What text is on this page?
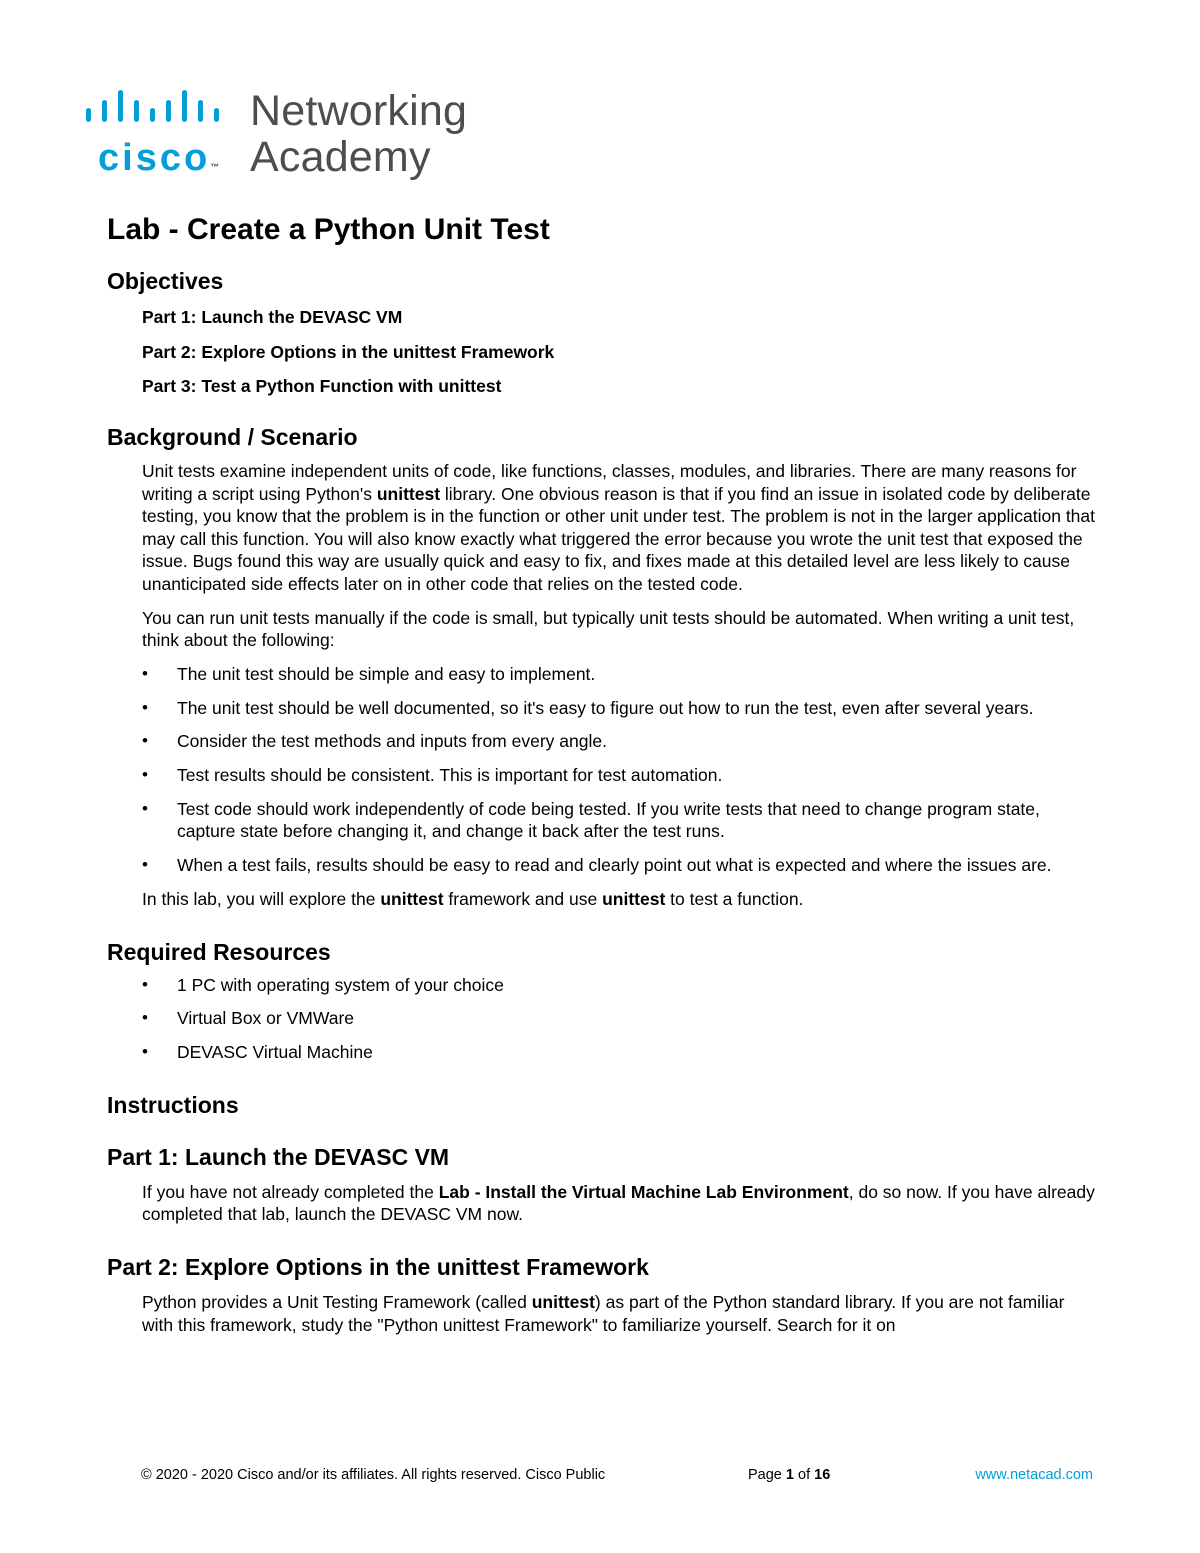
cisco™
Networking
Academy
Lab - Create a Python Unit Test
Objectives

Part 1: Launch the DEVASC VM

Part 2: Explore Options in the unittest Framework

Part 3: Test a Python Function with unittest

Background / Scenario

Unit tests examine independent units of code, like functions, classes, modules, and libraries. There are many reasons for writing a script using Python's unittest library. One obvious reason is that if you find an issue in isolated code by deliberate testing, you know that the problem is in the function or other unit under test. The problem is not in the larger application that may call this function. You will also know exactly what triggered the error because you wrote the unit test that exposed the issue. Bugs found this way are usually quick and easy to fix, and fixes made at this detailed level are less likely to cause unanticipated side effects later on in other code that relies on the tested code.

You can run unit tests manually if the code is small, but typically unit tests should be automated. When writing a unit test, think about the following:

• The unit test should be simple and easy to implement.
• The unit test should be well documented, so it's easy to figure out how to run the test, even after several years.
• Consider the test methods and inputs from every angle.
• Test results should be consistent. This is important for test automation.
• Test code should work independently of code being tested. If you write tests that need to change program state, capture state before changing it, and change it back after the test runs.
• When a test fails, results should be easy to read and clearly point out what is expected and where the issues are.

In this lab, you will explore the unittest framework and use unittest to test a function.

Required Resources
• 1 PC with operating system of your choice
• Virtual Box or VMWare
• DEVASC Virtual Machine
Instructions
Part 1: Launch the DEVASC VM

If you have not already completed the Lab - Install the Virtual Machine Lab Environment, do so now. If you have already completed that lab, launch the DEVASC VM now.

Part 2: Explore Options in the unittest Framework

Python provides a Unit Testing Framework (called unittest) as part of the Python standard library. If you are not familiar with this framework, study the "Python unittest Framework" to familiarize yourself. Search for it on

© 2020 - 2020 Cisco and/or its affiliates. All rights reserved. Cisco Public	Page 1 of 16	www.netacad.com
